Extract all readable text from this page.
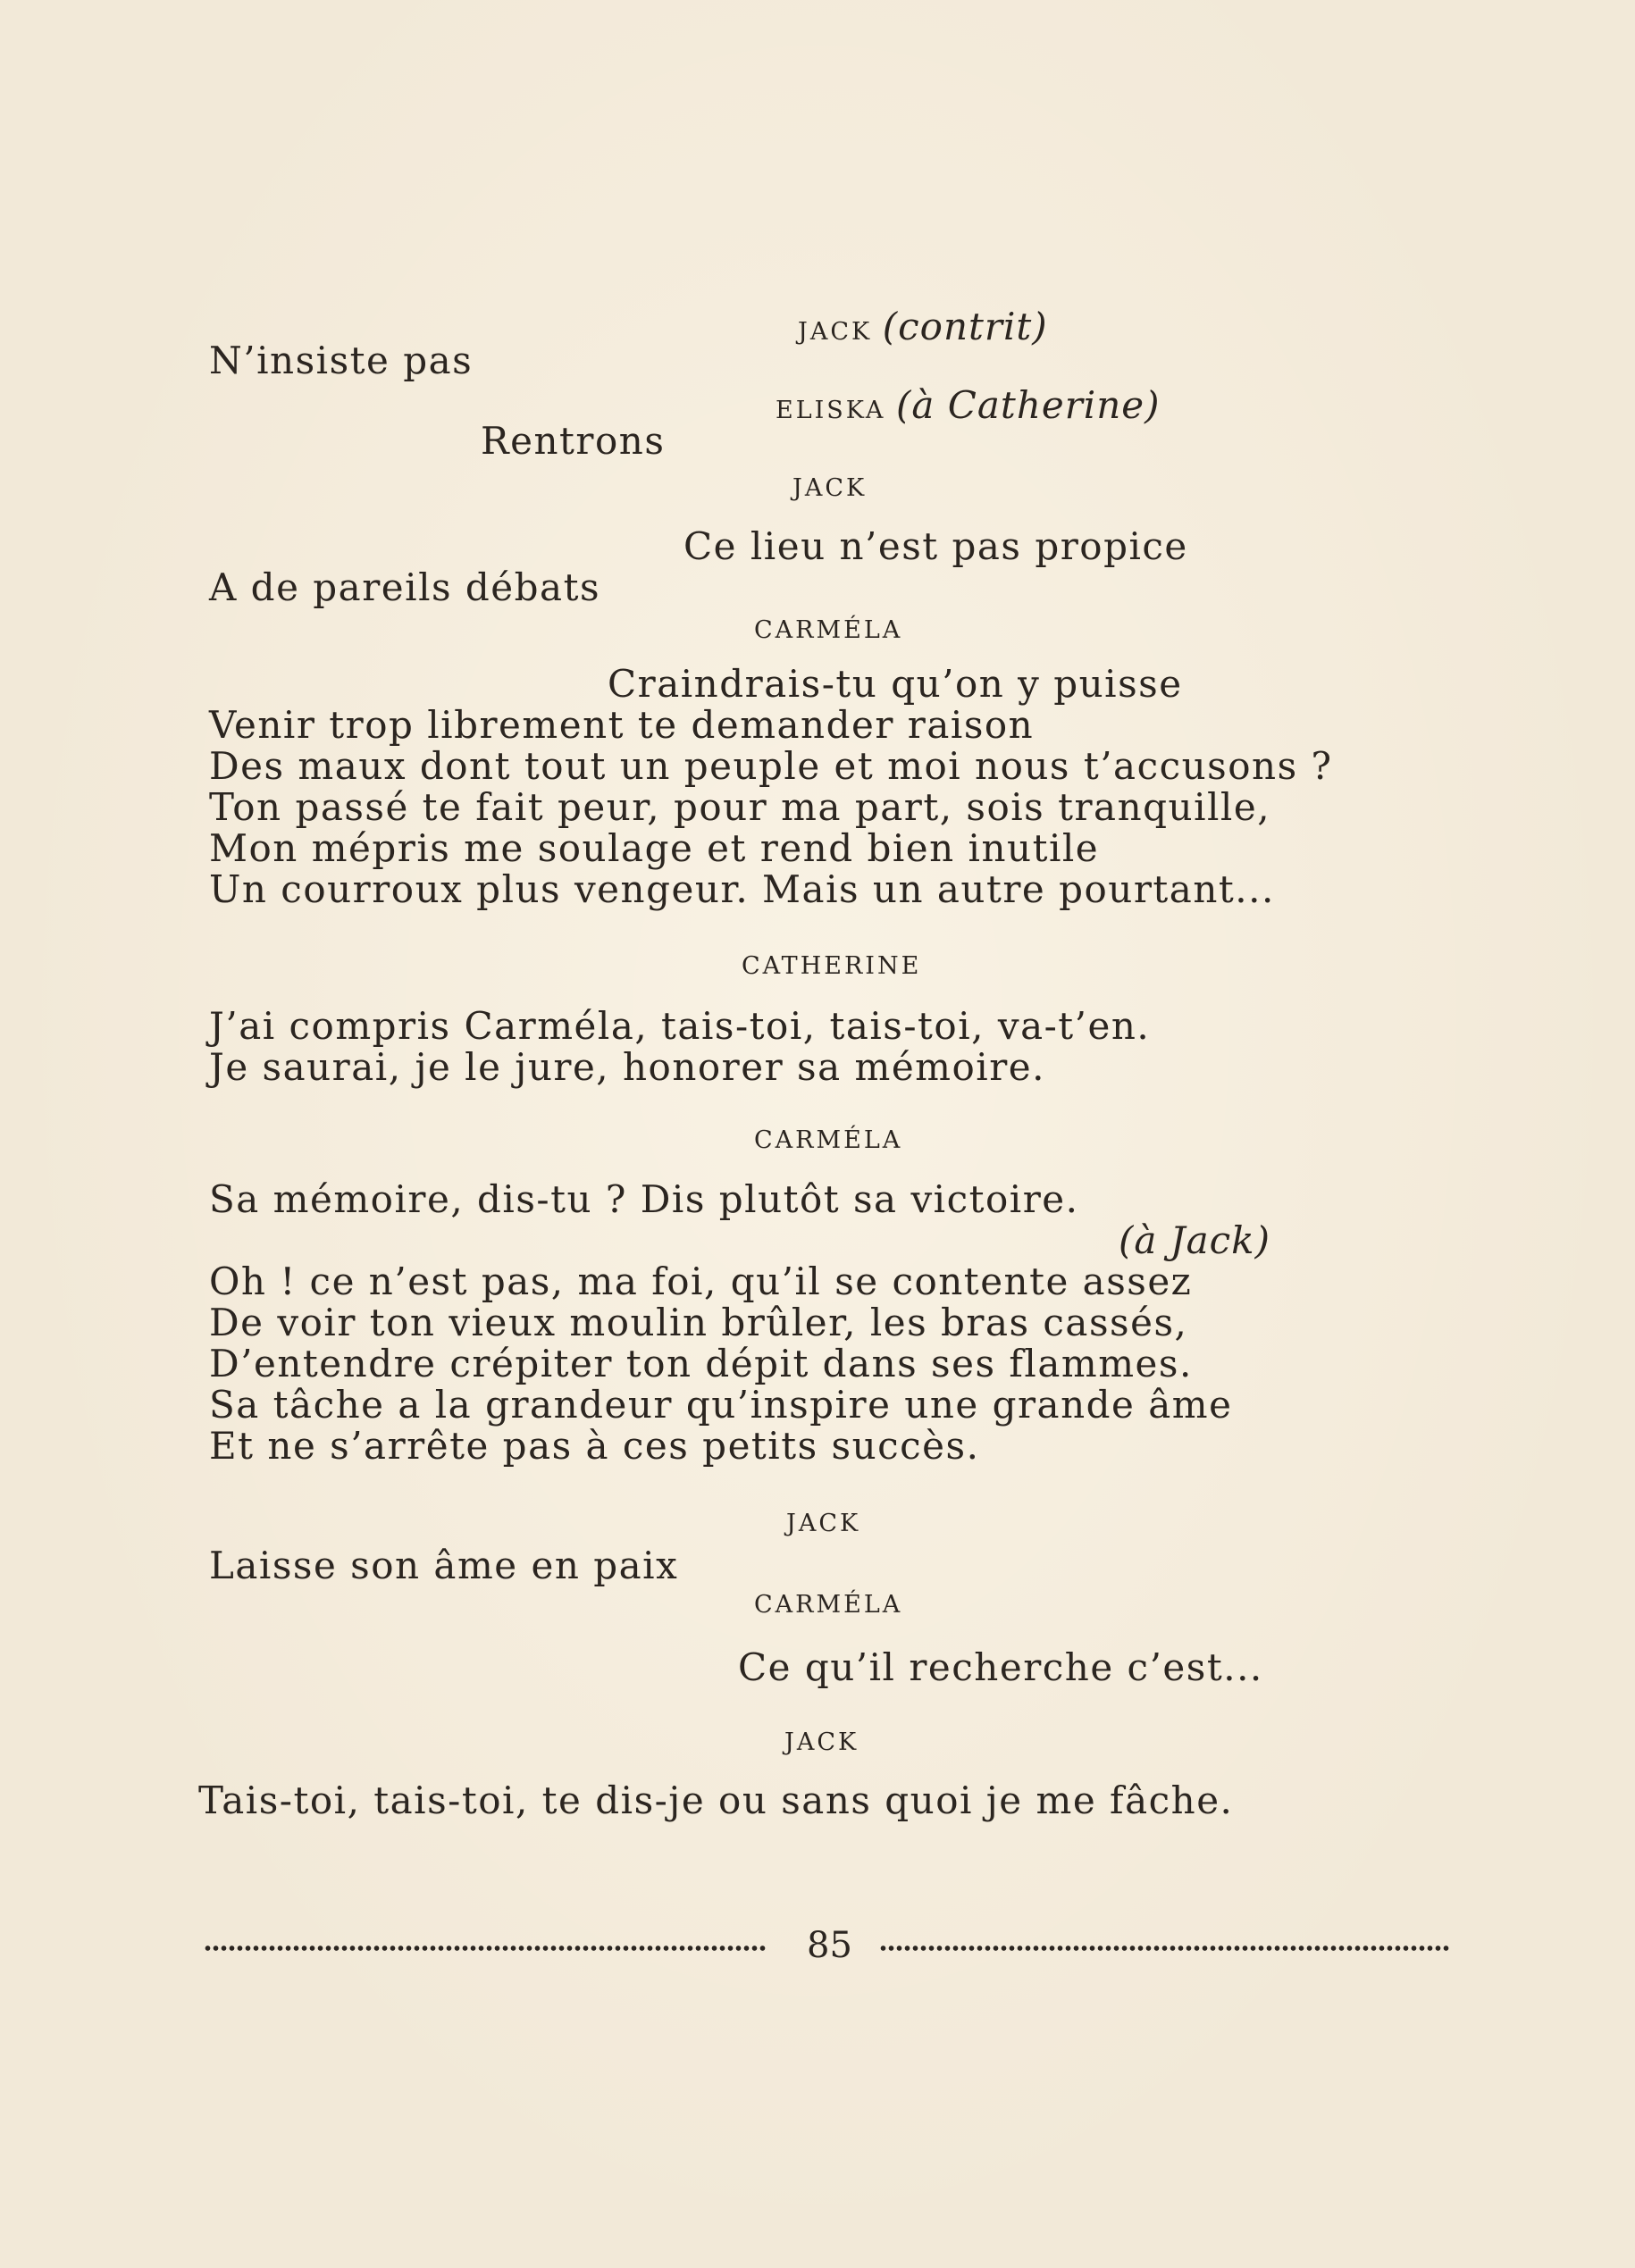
JACK (contrit)
N’insiste pas
ELISKA (à Catherine)
Rentrons
JACK
Ce lieu n’est pas propice
A de pareils débats
CARMÉLA
Craindrais-tu qu’on y puisse
Venir trop librement te demander raison
Des maux dont tout un peuple et moi nous t’accusons ?
Ton passé te fait peur, pour ma part, sois tranquille,
Mon mépris me soulage et rend bien inutile
Un courroux plus vengeur. Mais un autre pourtant...
CATHERINE
J’ai compris Carméla, tais-toi, tais-toi, va-t’en.
Je saurai, je le jure, honorer sa mémoire.
CARMÉLA
Sa mémoire, dis-tu ? Dis plutôt sa victoire.
(à Jack)
Oh ! ce n’est pas, ma foi, qu’il se contente assez
De voir ton vieux moulin brûler, les bras cassés,
D’entendre crépiter ton dépit dans ses flammes.
Sa tâche a la grandeur qu’inspire une grande âme
Et ne s’arrête pas à ces petits succès.
JACK
Laisse son âme en paix
CARMÉLA
Ce qu’il recherche c’est...
JACK
Tais-toi, tais-toi, te dis-je ou sans quoi je me fâche.
85
